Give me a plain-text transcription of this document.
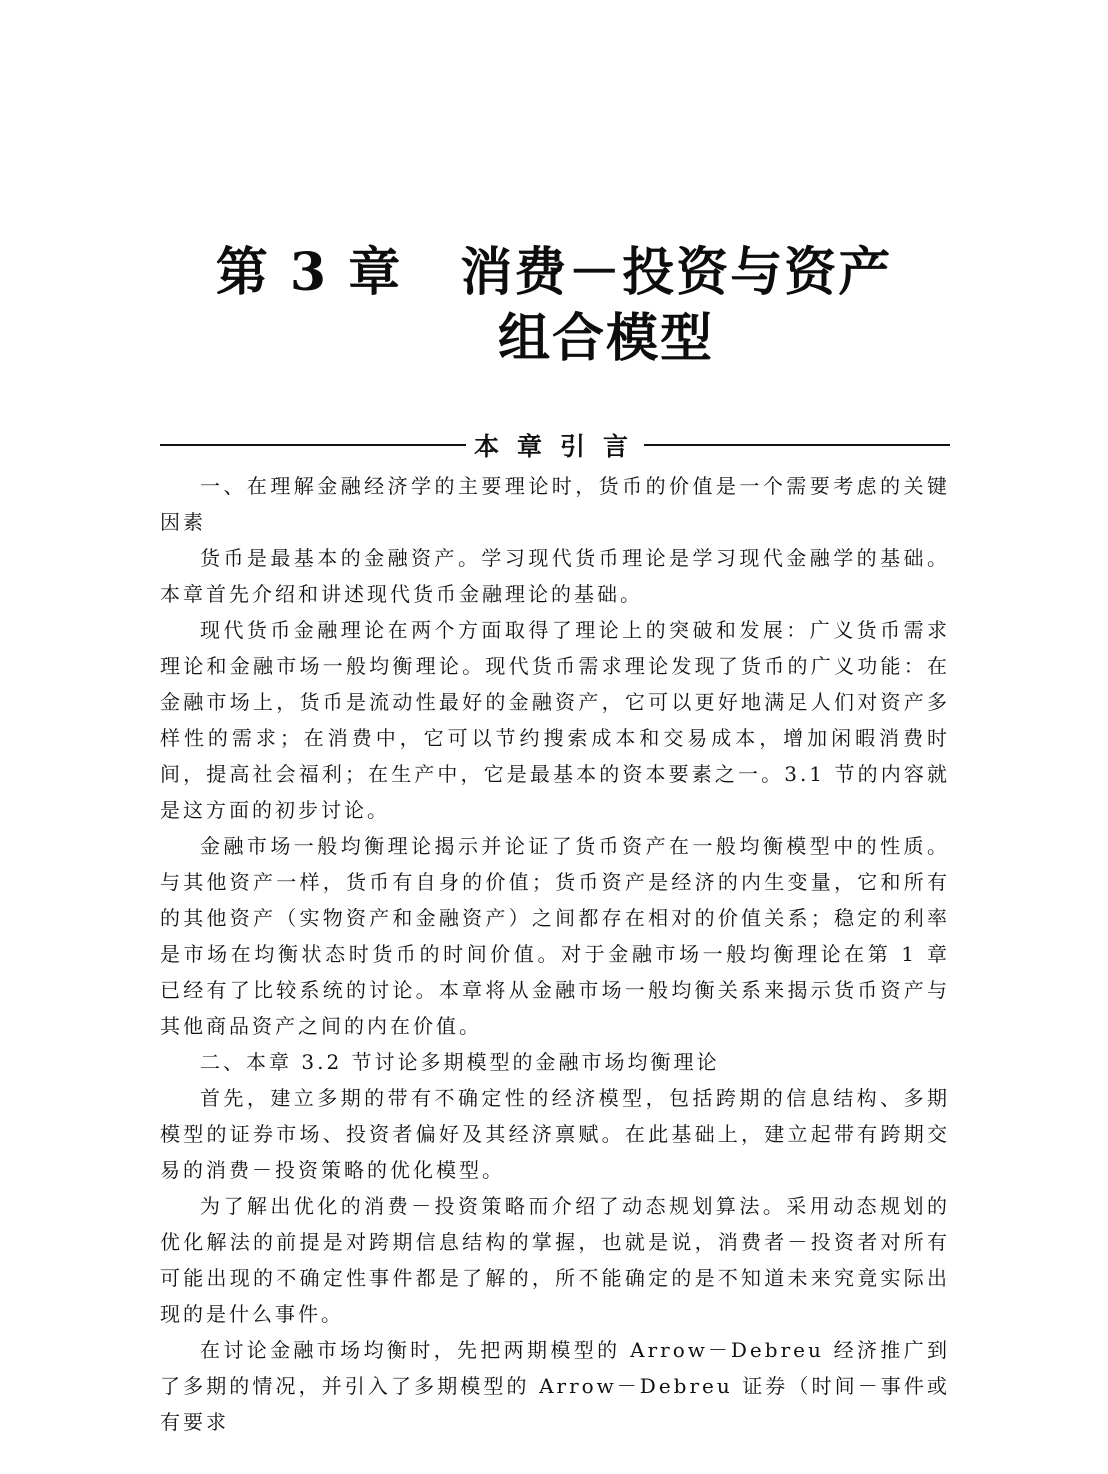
第 3 章 消费－投资与资产
组合模型
本章引言

一、在理解金融经济学的主要理论时，货币的价值是一个需要考虑的关键因素

货币是最基本的金融资产。学习现代货币理论是学习现代金融学的基础。本章首先介绍和讲述现代货币金融理论的基础。

现代货币金融理论在两个方面取得了理论上的突破和发展：广义货币需求理论和金融市场一般均衡理论。现代货币需求理论发现了货币的广义功能：在金融市场上，货币是流动性最好的金融资产，它可以更好地满足人们对资产多样性的需求；在消费中，它可以节约搜索成本和交易成本，增加闲暇消费时间，提高社会福利；在生产中，它是最基本的资本要素之一。3.1 节的内容就是这方面的初步讨论。

金融市场一般均衡理论揭示并论证了货币资产在一般均衡模型中的性质。与其他资产一样，货币有自身的价值；货币资产是经济的内生变量，它和所有的其他资产（实物资产和金融资产）之间都存在相对的价值关系；稳定的利率是市场在均衡状态时货币的时间价值。对于金融市场一般均衡理论在第 1 章已经有了比较系统的讨论。本章将从金融市场一般均衡关系来揭示货币资产与其他商品资产之间的内在价值。

二、本章 3.2 节讨论多期模型的金融市场均衡理论

首先，建立多期的带有不确定性的经济模型，包括跨期的信息结构、多期模型的证券市场、投资者偏好及其经济禀赋。在此基础上，建立起带有跨期交易的消费－投资策略的优化模型。

为了解出优化的消费－投资策略而介绍了动态规划算法。采用动态规划的优化解法的前提是对跨期信息结构的掌握，也就是说，消费者－投资者对所有可能出现的不确定性事件都是了解的，所不能确定的是不知道未来究竟实际出现的是什么事件。

在讨论金融市场均衡时，先把两期模型的 Arrow－Debreu 经济推广到了多期的情况，并引入了多期模型的 Arrow－Debreu 证券（时间－事件或有要求
